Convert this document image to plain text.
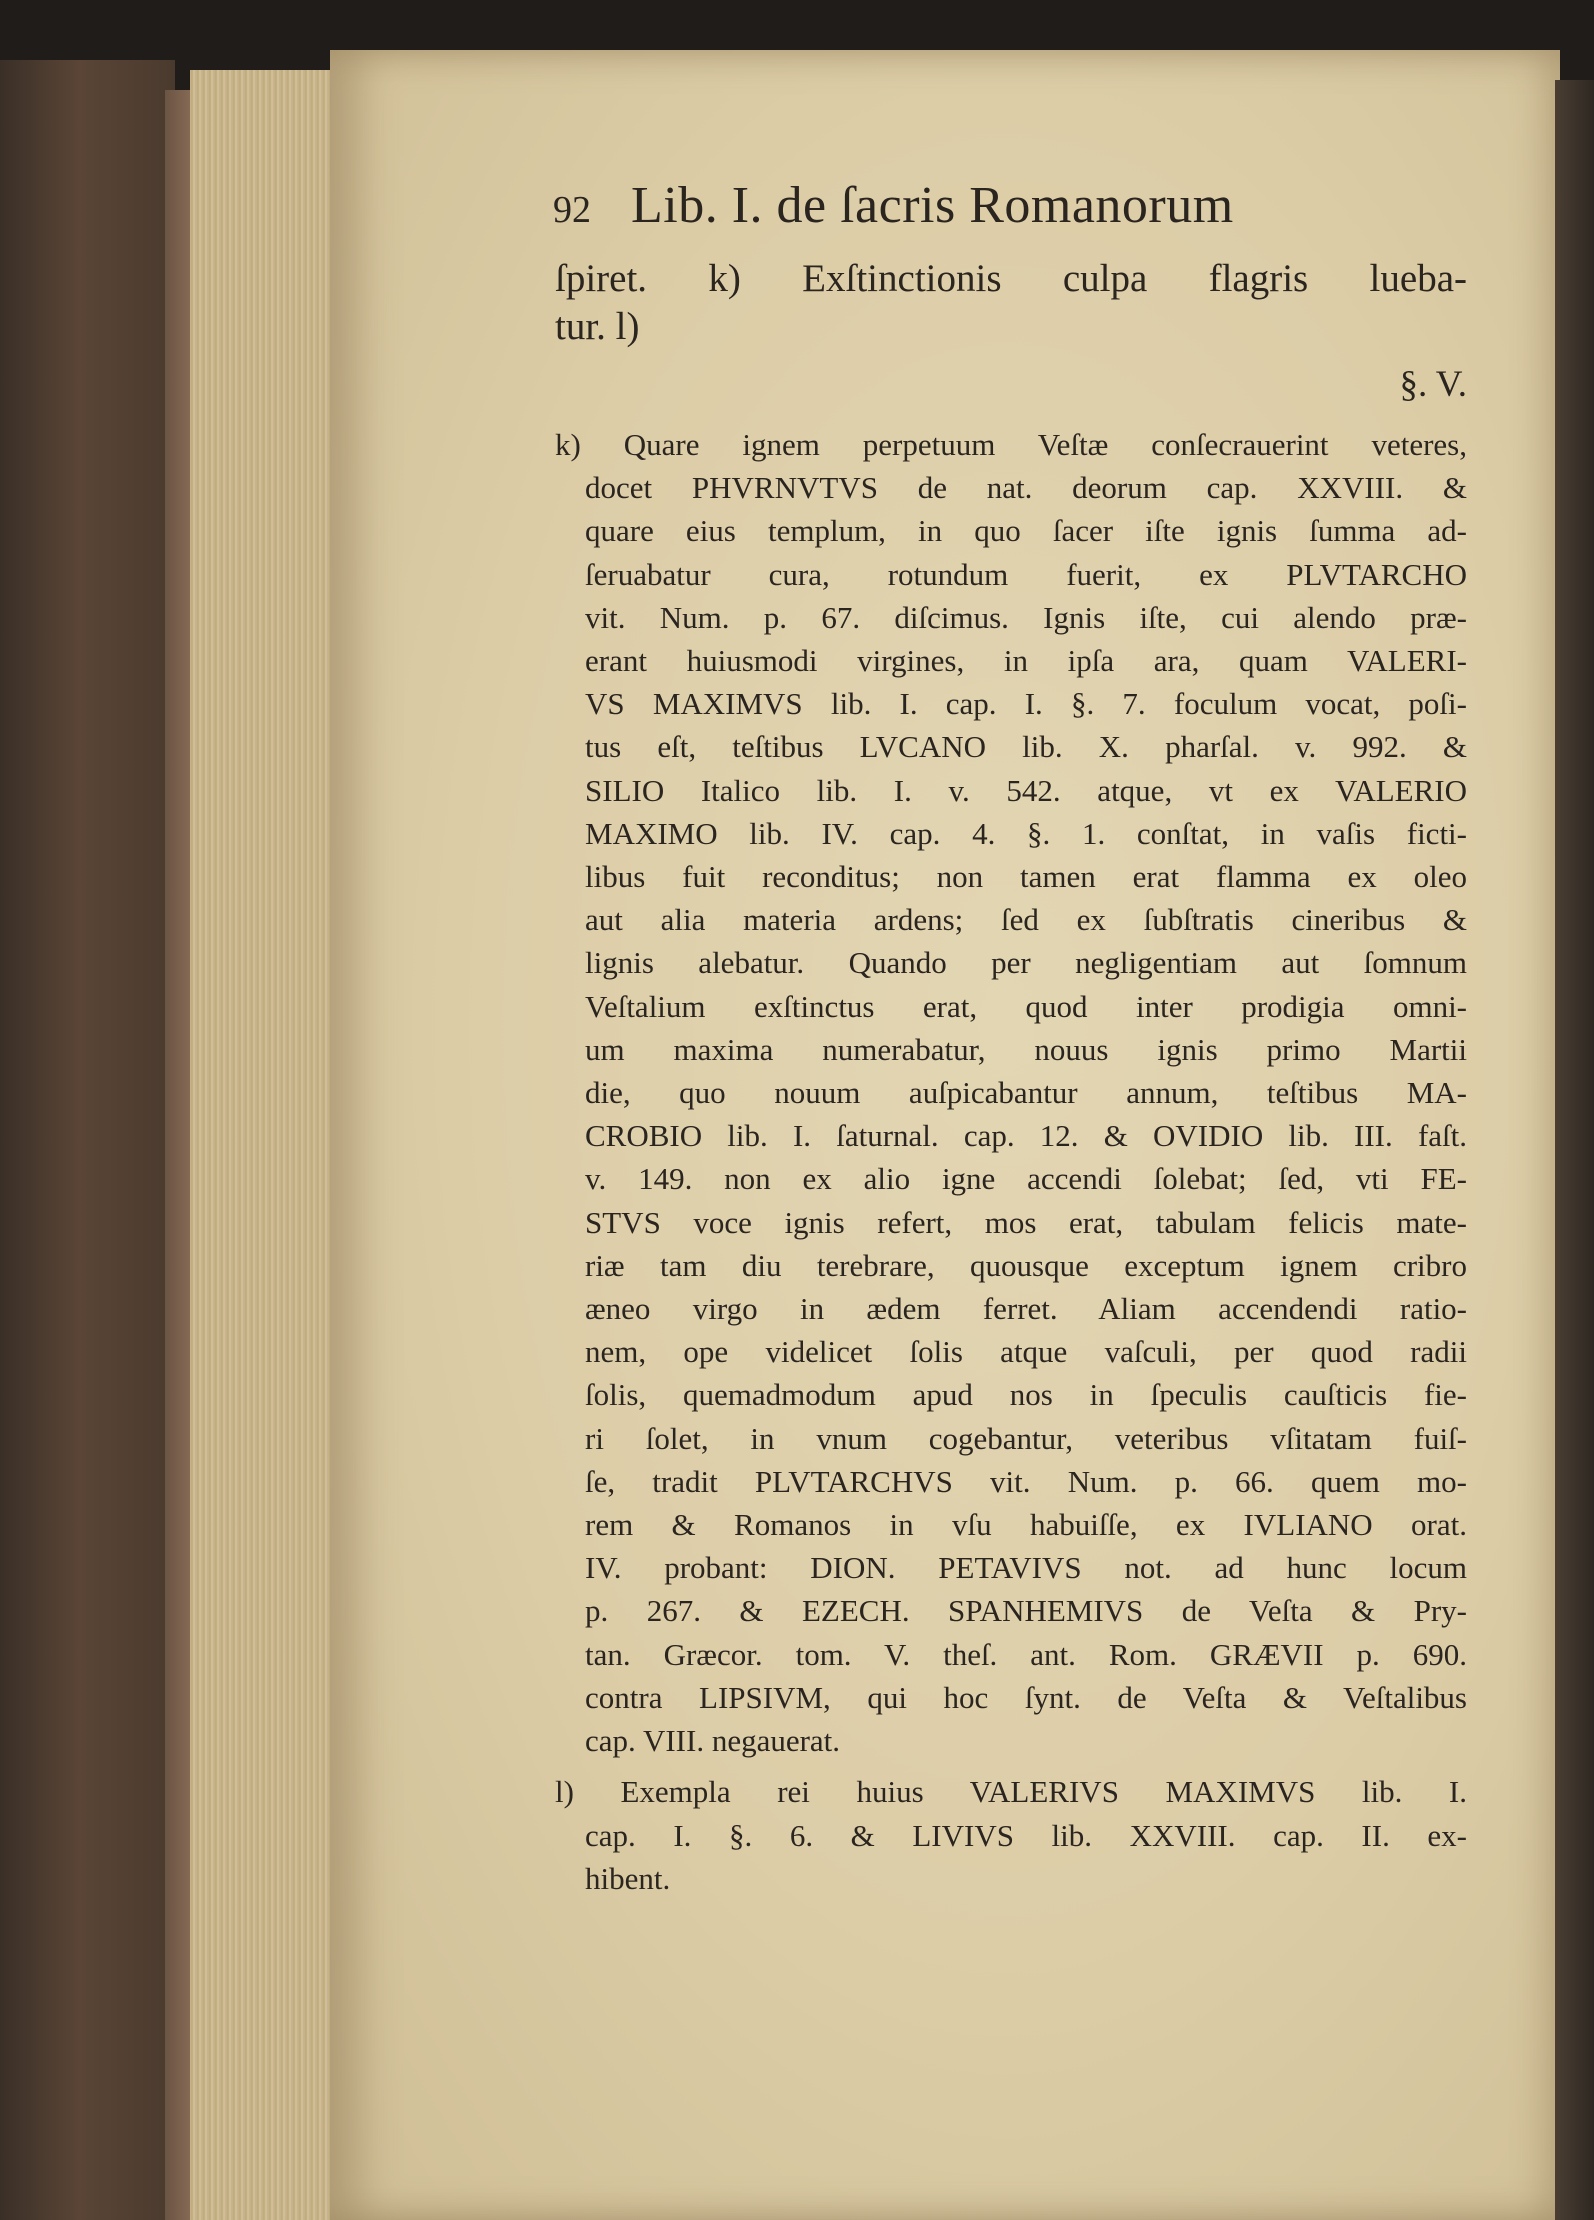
92 Lib. I. de ſacris Romanorum
ſpiret. k) Exſtinctionis culpa flagris lueba-
tur. l)
§. V.
k) Quare ignem perpetuum Veſtæ conſecrauerint veteres,
docet PHVRNVTVS de nat. deorum cap. XXVIII. &
quare eius templum, in quo ſacer iſte ignis ſumma ad-
ſeruabatur cura, rotundum fuerit, ex PLVTARCHO
vit. Num. p. 67. diſcimus. Ignis iſte, cui alendo præ-
erant huiusmodi virgines, in ipſa ara, quam VALERI-
VS MAXIMVS lib. I. cap. I. §. 7. foculum vocat, poſi-
tus eſt, teſtibus LVCANO lib. X. pharſal. v. 992. &
SILIO Italico lib. I. v. 542. atque, vt ex VALERIO
MAXIMO lib. IV. cap. 4. §. 1. conſtat, in vaſis ficti-
libus fuit reconditus; non tamen erat flamma ex oleo
aut alia materia ardens; ſed ex ſubſtratis cineribus &
lignis alebatur. Quando per negligentiam aut ſomnum
Veſtalium exſtinctus erat, quod inter prodigia omni-
um maxima numerabatur, nouus ignis primo Martii
die, quo nouum auſpicabantur annum, teſtibus MA-
CROBIO lib. I. ſaturnal. cap. 12. & OVIDIO lib. III. faſt.
v. 149. non ex alio igne accendi ſolebat; ſed, vti FE-
STVS voce ignis refert, mos erat, tabulam felicis mate-
riæ tam diu terebrare, quousque exceptum ignem cribro
æneo virgo in ædem ferret. Aliam accendendi ratio-
nem, ope videlicet ſolis atque vaſculi, per quod radii
ſolis, quemadmodum apud nos in ſpeculis cauſticis fie-
ri ſolet, in vnum cogebantur, veteribus vſitatam fuiſ-
ſe, tradit PLVTARCHVS vit. Num. p. 66. quem mo-
rem & Romanos in vſu habuiſſe, ex IVLIANO orat.
IV. probant: DION. PETAVIVS not. ad hunc locum
p. 267. & EZECH. SPANHEMIVS de Veſta & Pry-
tan. Græcor. tom. V. theſ. ant. Rom. GRÆVII p. 690.
contra LIPSIVM, qui hoc ſynt. de Veſta & Veſtalibus
cap. VIII. negauerat.
l) Exempla rei huius VALERIVS MAXIMVS lib. I.
cap. I. §. 6. & LIVIVS lib. XXVIII. cap. II. ex-
hibent.
